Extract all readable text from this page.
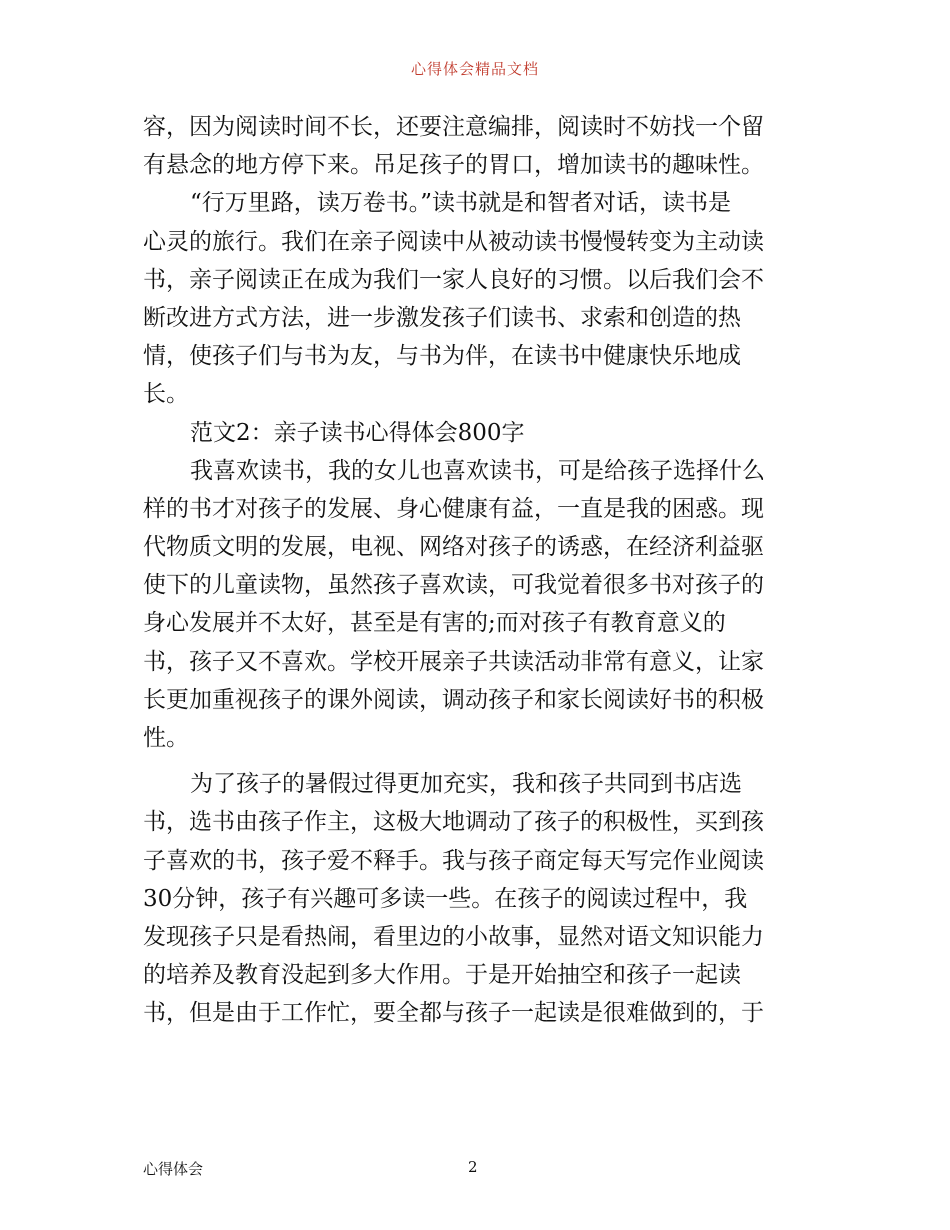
心得体会精品文档
容，因为阅读时间不长，还要注意编排，阅读时不妨找一个留
有悬念的地方停下来。吊足孩子的胃口，增加读书的趣味性。
“行万里路，读万卷书。”读书就是和智者对话，读书是
心灵的旅行。我们在亲子阅读中从被动读书慢慢转变为主动读
书，亲子阅读正在成为我们一家人良好的习惯。以后我们会不
断改进方式方法，进一步激发孩子们读书、求索和创造的热
情，使孩子们与书为友，与书为伴，在读书中健康快乐地成
长。
范文2：亲子读书心得体会800字
我喜欢读书，我的女儿也喜欢读书，可是给孩子选择什么
样的书才对孩子的发展、身心健康有益，一直是我的困惑。现
代物质文明的发展，电视、网络对孩子的诱惑，在经济利益驱
使下的儿童读物，虽然孩子喜欢读，可我觉着很多书对孩子的
身心发展并不太好，甚至是有害的;而对孩子有教育意义的
书，孩子又不喜欢。学校开展亲子共读活动非常有意义，让家
长更加重视孩子的课外阅读，调动孩子和家长阅读好书的积极
性。
为了孩子的暑假过得更加充实，我和孩子共同到书店选
书，选书由孩子作主，这极大地调动了孩子的积极性，买到孩
子喜欢的书，孩子爱不释手。我与孩子商定每天写完作业阅读
30分钟，孩子有兴趣可多读一些。在孩子的阅读过程中，我
发现孩子只是看热闹，看里边的小故事，显然对语文知识能力
的培养及教育没起到多大作用。于是开始抽空和孩子一起读
书，但是由于工作忙，要全都与孩子一起读是很难做到的，于
心得体会	2
